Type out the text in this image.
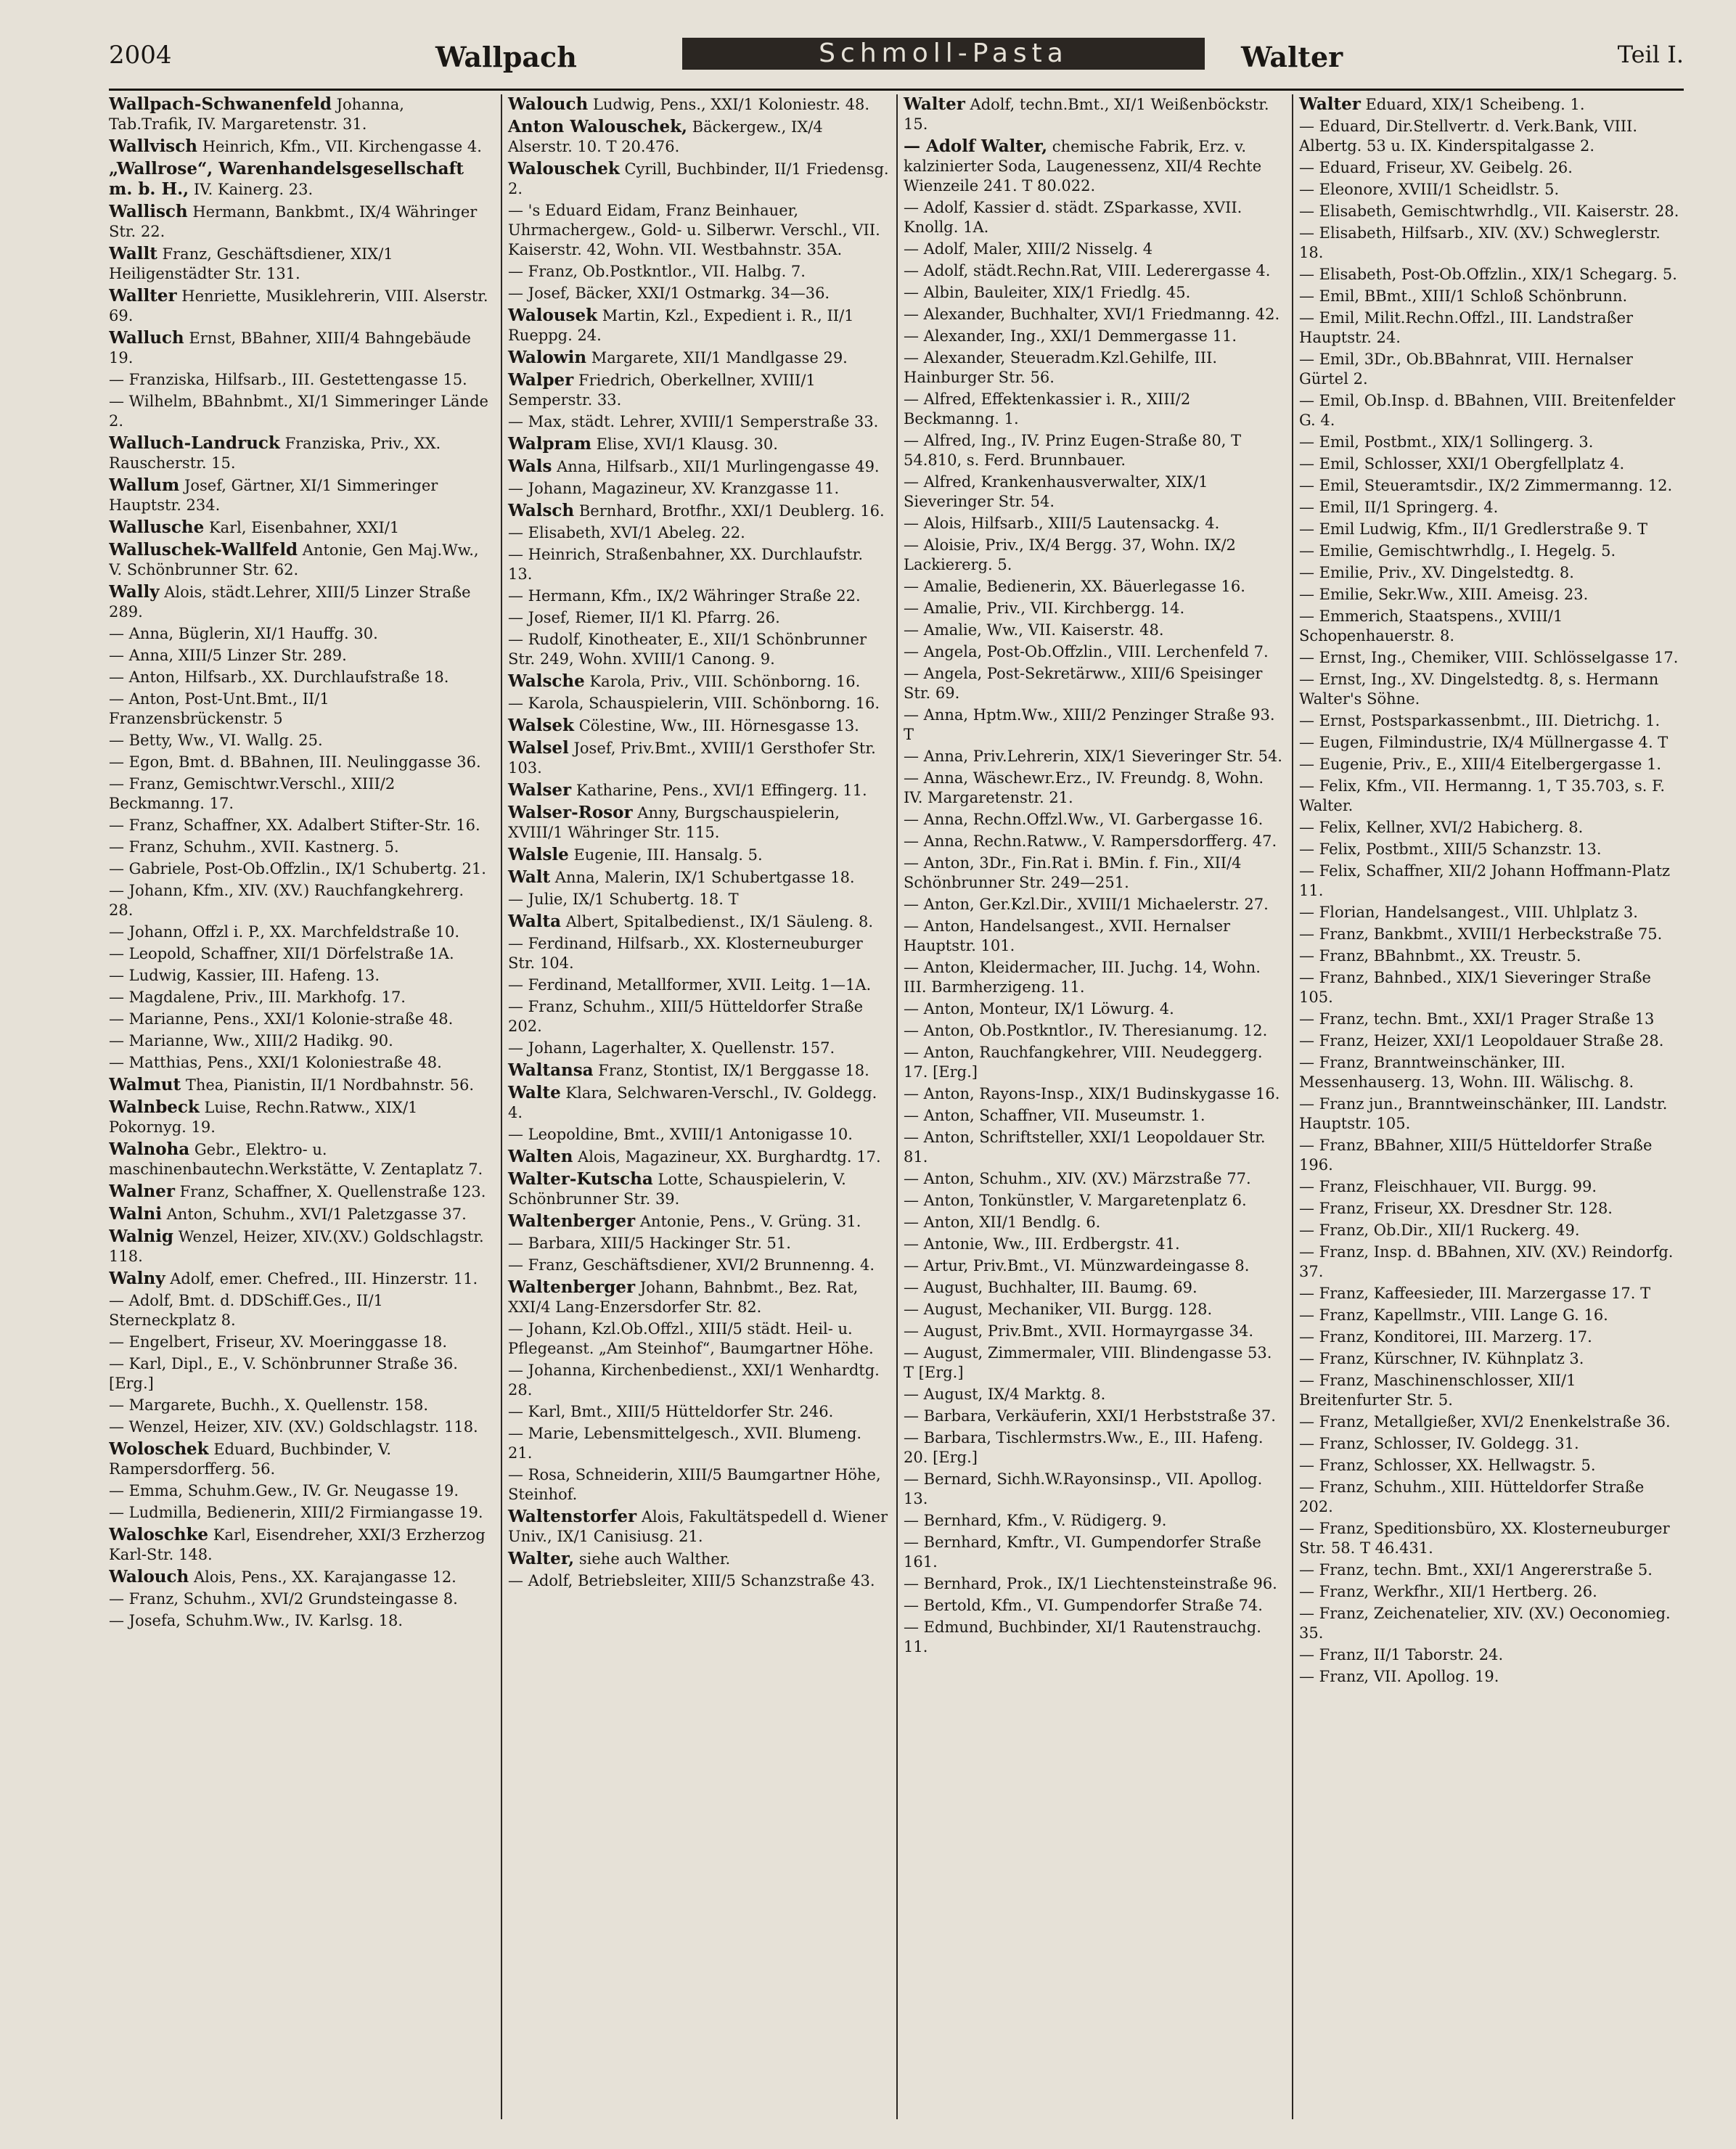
2004	Wallpach	Schmoll-Pasta	Walter	Teil I.
Wallpach-Schwanenfeld Johanna, Tab.Trafik, IV. Margaretenstr. 31.
Wallvisch Heinrich, Kfm., VII. Kirchengasse 4.
„Wallrose“, Warenhandelsgesellschaft m. b. H., IV. Kainerg. 23.
Wallisch Hermann, Bankbmt., IX/4 Währinger Str. 22.
Wallt Franz, Geschäftsdiener, XIX/1 Heiligenstädter Str. 131.
Wallter Henriette, Musiklehrerin, VIII. Alserstr. 69.
Walluch Ernst, BBahner, XIII/4 Bahngebäude 19.
— Franziska, Hilfsarb., III. Gestettengasse 15.
— Wilhelm, BBahnbmt., XI/1 Simmeringer Lände 2.
Walluch-Landruck Franziska, Priv., XX. Rauscherstr. 15.
Wallum Josef, Gärtner, XI/1 Simmeringer Hauptstr. 234.
Wallusche Karl, Eisenbahner, XXI/1
Walluschek-Wallfeld Antonie, Gen Maj.Ww., V. Schönbrunner Str. 62.
Wally Alois, städt.Lehrer, XIII/5 Linzer Straße 289.
— Anna, Büglerin, XI/1 Hauffg. 30.
— Anna, XIII/5 Linzer Str. 289.
— Anton, Hilfsarb., XX. Durchlaufstraße 18.
— Anton, Post-Unt.Bmt., II/1 Franzensbrückenstr. 5
— Betty, Ww., VI. Wallg. 25.
— Egon, Bmt. d. BBahnen, III. Neulinggasse 36.
— Franz, Gemischtwr.Verschl., XIII/2 Beckmanng. 17.
— Franz, Schaffner, XX. Adalbert Stifter-Str. 16.
— Franz, Schuhm., XVII. Kastnerg. 5.
— Gabriele, Post-Ob.Offzlin., IX/1 Schubertg. 21.
— Johann, Kfm., XIV. (XV.) Rauchfangkehrerg. 28.
— Johann, Offzl i. P., XX. Marchfeldstraße 10.
— Leopold, Schaffner, XII/1 Dörfelstraße 1A.
— Ludwig, Kassier, III. Hafeng. 13.
— Magdalene, Priv., III. Markhofg. 17.
— Marianne, Pens., XXI/1 Kolonie-straße 48.
— Marianne, Ww., XIII/2 Hadikg. 90.
— Matthias, Pens., XXI/1 Koloniestraße 48.
Walmut Thea, Pianistin, II/1 Nordbahnstr. 56.
Walnbeck Luise, Rechn.Ratww., XIX/1 Pokornyg. 19.
Walnoha Gebr., Elektro- u. maschinenbautechn.Werkstätte, V. Zentaplatz 7.
Walner Franz, Schaffner, X. Quellenstraße 123.
Walni Anton, Schuhm., XVI/1 Paletzgasse 37.
Walnig Wenzel, Heizer, XIV.(XV.) Goldschlagstr. 118.
Walny Adolf, emer. Chefred., III. Hinzerstr. 11.
— Adolf, Bmt. d. DDSchiff.Ges., II/1 Sterneckplatz 8.
— Engelbert, Friseur, XV. Moeringgasse 18.
— Karl, Dipl., E., V. Schönbrunner Straße 36. [Erg.]
— Margarete, Buchh., X. Quellenstr. 158.
— Wenzel, Heizer, XIV. (XV.) Goldschlagstr. 118.
Woloschek Eduard, Buchbinder, V. Rampersdorfferg. 56.
— Emma, Schuhm.Gew., IV. Gr. Neugasse 19.
— Ludmilla, Bedienerin, XIII/2 Firmiangasse 19.
Waloschke Karl, Eisendreher, XXI/3 Erzherzog Karl-Str. 148.
Walouch Alois, Pens., XX. Karajangasse 12.
— Franz, Schuhm., XVI/2 Grundsteingasse 8.
— Josefa, Schuhm.Ww., IV. Karlsg. 18.
Walouch Ludwig, Pens., XXI/1 Koloniestr. 48.
Anton Walouschek, Bäckergew., IX/4 Alserstr. 10. T 20.476.
Walouschek Cyrill, Buchbinder, II/1 Friedensg. 2.
— 's Eduard Eidam, Franz Beinhauer, Uhrmachergew., Gold- u. Silberwr. Verschl., VII. Kaiserstr. 42, Wohn. VII. Westbahnstr. 35A.
— Franz, Ob.Postkntlor., VII. Halbg. 7.
— Josef, Bäcker, XXI/1 Ostmarkg. 34—36.
Walousek Martin, Kzl., Expedient i. R., II/1 Rueppg. 24.
Walowin Margarete, XII/1 Mandlgasse 29.
Walper Friedrich, Oberkellner, XVIII/1 Semperstr. 33.
— Max, städt. Lehrer, XVIII/1 Semperstraße 33.
Walpram Elise, XVI/1 Klausg. 30.
Wals Anna, Hilfsarb., XII/1 Murlingengasse 49.
— Johann, Magazineur, XV. Kranzgasse 11.
Walsch Bernhard, Brotfhr., XXI/1 Deublerg. 16.
— Elisabeth, XVI/1 Abeleg. 22.
— Heinrich, Straßenbahner, XX. Durchlaufstr. 13.
— Hermann, Kfm., IX/2 Währinger Straße 22.
— Josef, Riemer, II/1 Kl. Pfarrg. 26.
— Rudolf, Kinotheater, E., XII/1 Schönbrunner Str. 249, Wohn. XVIII/1 Canong. 9.
Walsche Karola, Priv., VIII. Schönborng. 16.
— Karola, Schauspielerin, VIII. Schönborng. 16.
Walsek Cölestine, Ww., III. Hörnesgasse 13.
Walsel Josef, Priv.Bmt., XVIII/1 Gersthofer Str. 103.
Walser Katharine, Pens., XVI/1 Effingerg. 11.
Walser-Rosor Anny, Burgschauspielerin, XVIII/1 Währinger Str. 115.
Walsle Eugenie, III. Hansalg. 5.
Walt Anna, Malerin, IX/1 Schubertgasse 18.
— Julie, IX/1 Schubertg. 18. T
Walta Albert, Spitalbedienst., IX/1 Säuleng. 8.
— Ferdinand, Hilfsarb., XX. Klosterneuburger Str. 104.
— Ferdinand, Metallformer, XVII. Leitg. 1—1A.
— Franz, Schuhm., XIII/5 Hütteldorfer Straße 202.
— Johann, Lagerhalter, X. Quellenstr. 157.
Waltansa Franz, Stontist, IX/1 Berggasse 18.
Walte Klara, Selchwaren-Verschl., IV. Goldegg. 4.
— Leopoldine, Bmt., XVIII/1 Antonigasse 10.
Walten Alois, Magazineur, XX. Burghardtg. 17.
Walter-Kutscha Lotte, Schauspielerin, V. Schönbrunner Str. 39.
Waltenberger Antonie, Pens., V. Grüng. 31.
— Barbara, XIII/5 Hackinger Str. 51.
— Franz, Geschäftsdiener, XVI/2 Brunnenng. 4.
Waltenberger Johann, Bahnbmt., Bez. Rat, XXI/4 Lang-Enzersdorfer Str. 82.
— Johann, Kzl.Ob.Offzl., XIII/5 städt. Heil- u. Pflegeanst. „Am Steinhof“, Baumgartner Höhe.
— Johanna, Kirchenbedienst., XXI/1 Wenhardtg. 28.
— Karl, Bmt., XIII/5 Hütteldorfer Str. 246.
— Marie, Lebensmittelgesch., XVII. Blumeng. 21.
— Rosa, Schneiderin, XIII/5 Baumgartner Höhe, Steinhof.
Waltenstorfer Alois, Fakultätspedell d. Wiener Univ., IX/1 Canisiusg. 21.
Walter, siehe auch Walther.
— Adolf, Betriebsleiter, XIII/5 Schanzstraße 43.
Walter Adolf, techn.Bmt., XI/1 Weißenböckstr. 15.
— Adolf Walter, chemische Fabrik, Erz. v. kalzinierter Soda, Laugenessenz, XII/4 Rechte Wienzeile 241. T 80.022.
— Adolf, Kassier d. städt. ZSparkasse, XVII. Knollg. 1A.
— Adolf, Maler, XIII/2 Nisselg. 4
— Adolf, städt.Rechn.Rat, VIII. Lederergasse 4.
— Albin, Bauleiter, XIX/1 Friedlg. 45.
— Alexander, Buchhalter, XVI/1 Friedmanng. 42.
— Alexander, Ing., XXI/1 Demmergasse 11.
— Alexander, Steueradm.Kzl.Gehilfe, III. Hainburger Str. 56.
— Alfred, Effektenkassier i. R., XIII/2 Beckmanng. 1.
— Alfred, Ing., IV. Prinz Eugen-Straße 80, T 54.810, s. Ferd. Brunnbauer.
— Alfred, Krankenhausverwalter, XIX/1 Sieveringer Str. 54.
— Alois, Hilfsarb., XIII/5 Lautensackg. 4.
— Aloisie, Priv., IX/4 Bergg. 37, Wohn. IX/2 Lackiererg. 5.
— Amalie, Bedienerin, XX. Bäuerlegasse 16.
— Amalie, Priv., VII. Kirchbergg. 14.
— Amalie, Ww., VII. Kaiserstr. 48.
— Angela, Post-Ob.Offzlin., VIII. Lerchenfeld 7.
— Angela, Post-Sekretärww., XIII/6 Speisinger Str. 69.
— Anna, Hptm.Ww., XIII/2 Penzinger Straße 93. T
— Anna, Priv.Lehrerin, XIX/1 Sieveringer Str. 54.
— Anna, Wäschewr.Erz., IV. Freundg. 8, Wohn. IV. Margaretenstr. 21.
— Anna, Rechn.Offzl.Ww., VI. Garbergasse 16.
— Anna, Rechn.Ratww., V. Rampersdorfferg. 47.
— Anton, 3Dr., Fin.Rat i. BMin. f. Fin., XII/4 Schönbrunner Str. 249—251.
— Anton, Ger.Kzl.Dir., XVIII/1 Michaelerstr. 27.
— Anton, Handelsangest., XVII. Hernalser Hauptstr. 101.
— Anton, Kleidermacher, III. Juchg. 14, Wohn. III. Barmherzigeng. 11.
— Anton, Monteur, IX/1 Löwurg. 4.
— Anton, Ob.Postkntlor., IV. Theresianumg. 12.
— Anton, Rauchfangkehrer, VIII. Neudeggerg. 17. [Erg.]
— Anton, Rayons-Insp., XIX/1 Budinskygasse 16.
— Anton, Schaffner, VII. Museumstr. 1.
— Anton, Schriftsteller, XXI/1 Leopoldauer Str. 81.
— Anton, Schuhm., XIV. (XV.) Märzstraße 77.
— Anton, Tonkünstler, V. Margaretenplatz 6.
— Anton, XII/1 Bendlg. 6.
— Antonie, Ww., III. Erdbergstr. 41.
— Artur, Priv.Bmt., VI. Münzwardeingasse 8.
— August, Buchhalter, III. Baumg. 69.
— August, Mechaniker, VII. Burgg. 128.
— August, Priv.Bmt., XVII. Hormayrgasse 34.
— August, Zimmermaler, VIII. Blindengasse 53. T [Erg.]
— August, IX/4 Marktg. 8.
— Barbara, Verkäuferin, XXI/1 Herbststraße 37.
— Barbara, Tischlermstrs.Ww., E., III. Hafeng. 20. [Erg.]
— Bernard, Sichh.W.Rayonsinsp., VII. Apollog. 13.
— Bernhard, Kfm., V. Rüdigerg. 9.
— Bernhard, Kmftr., VI. Gumpendorfer Straße 161.
— Bernhard, Prok., IX/1 Liechtensteinstraße 96.
— Bertold, Kfm., VI. Gumpendorfer Straße 74.
— Edmund, Buchbinder, XI/1 Rautenstrauchg. 11.
Walter Eduard, XIX/1 Scheibeng. 1.
— Eduard, Dir.Stellvertr. d. Verk.Bank, VIII. Albertg. 53 u. IX. Kinderspitalgasse 2.
— Eduard, Friseur, XV. Geibelg. 26.
— Eleonore, XVIII/1 Scheidlstr. 5.
— Elisabeth, Gemischtwrhdlg., VII. Kaiserstr. 28.
— Elisabeth, Hilfsarb., XIV. (XV.) Schweglerstr. 18.
— Elisabeth, Post-Ob.Offzlin., XIX/1 Schegarg. 5.
— Emil, BBmt., XIII/1 Schloß Schönbrunn.
— Emil, Milit.Rechn.Offzl., III. Landstraßer Hauptstr. 24.
— Emil, 3Dr., Ob.BBahnrat, VIII. Hernalser Gürtel 2.
— Emil, Ob.Insp. d. BBahnen, VIII. Breitenfelder G. 4.
— Emil, Postbmt., XIX/1 Sollingerg. 3.
— Emil, Schlosser, XXI/1 Obergfellplatz 4.
— Emil, Steueramtsdir., IX/2 Zimmermanng. 12.
— Emil, II/1 Springerg. 4.
— Emil Ludwig, Kfm., II/1 Gredlerstraße 9. T
— Emilie, Gemischtwrhdlg., I. Hegelg. 5.
— Emilie, Priv., XV. Dingelstedtg. 8.
— Emilie, Sekr.Ww., XIII. Ameisg. 23.
— Emmerich, Staatspens., XVIII/1 Schopenhauerstr. 8.
— Ernst, Ing., Chemiker, VIII. Schlösselgasse 17.
— Ernst, Ing., XV. Dingelstedtg. 8, s. Hermann Walter's Söhne.
— Ernst, Postsparkassenbmt., III. Dietrichg. 1.
— Eugen, Filmindustrie, IX/4 Müllnergasse 4. T
— Eugenie, Priv., E., XIII/4 Eitelbergergasse 1.
— Felix, Kfm., VII. Hermanng. 1, T 35.703, s. F. Walter.
— Felix, Kellner, XVI/2 Habicherg. 8.
— Felix, Postbmt., XIII/5 Schanzstr. 13.
— Felix, Schaffner, XII/2 Johann Hoffmann-Platz 11.
— Florian, Handelsangest., VIII. Uhlplatz 3.
— Franz, Bankbmt., XVIII/1 Herbeckstraße 75.
— Franz, BBahnbmt., XX. Treustr. 5.
— Franz, Bahnbed., XIX/1 Sieveringer Straße 105.
— Franz, techn. Bmt., XXI/1 Prager Straße 13
— Franz, Heizer, XXI/1 Leopoldauer Straße 28.
— Franz, Branntweinschänker, III. Messenhauserg. 13, Wohn. III. Wälischg. 8.
— Franz jun., Branntweinschänker, III. Landstr. Hauptstr. 105.
— Franz, BBahner, XIII/5 Hütteldorfer Straße 196.
— Franz, Fleischhauer, VII. Burgg. 99.
— Franz, Friseur, XX. Dresdner Str. 128.
— Franz, Ob.Dir., XII/1 Ruckerg. 49.
— Franz, Insp. d. BBahnen, XIV. (XV.) Reindorfg. 37.
— Franz, Kaffeesieder, III. Marzergasse 17. T
— Franz, Kapellmstr., VIII. Lange G. 16.
— Franz, Konditorei, III. Marzerg. 17.
— Franz, Kürschner, IV. Kühnplatz 3.
— Franz, Maschinenschlosser, XII/1 Breitenfurter Str. 5.
— Franz, Metallgießer, XVI/2 Enenkelstraße 36.
— Franz, Schlosser, IV. Goldegg. 31.
— Franz, Schlosser, XX. Hellwagstr. 5.
— Franz, Schuhm., XIII. Hütteldorfer Straße 202.
— Franz, Speditionsbüro, XX. Klosterneuburger Str. 58. T 46.431.
— Franz, techn. Bmt., XXI/1 Angererstraße 5.
— Franz, Werkfhr., XII/1 Hertberg. 26.
— Franz, Zeichenatelier, XIV. (XV.) Oeconomieg. 35.
— Franz, II/1 Taborstr. 24.
— Franz, VII. Apollog. 19.
